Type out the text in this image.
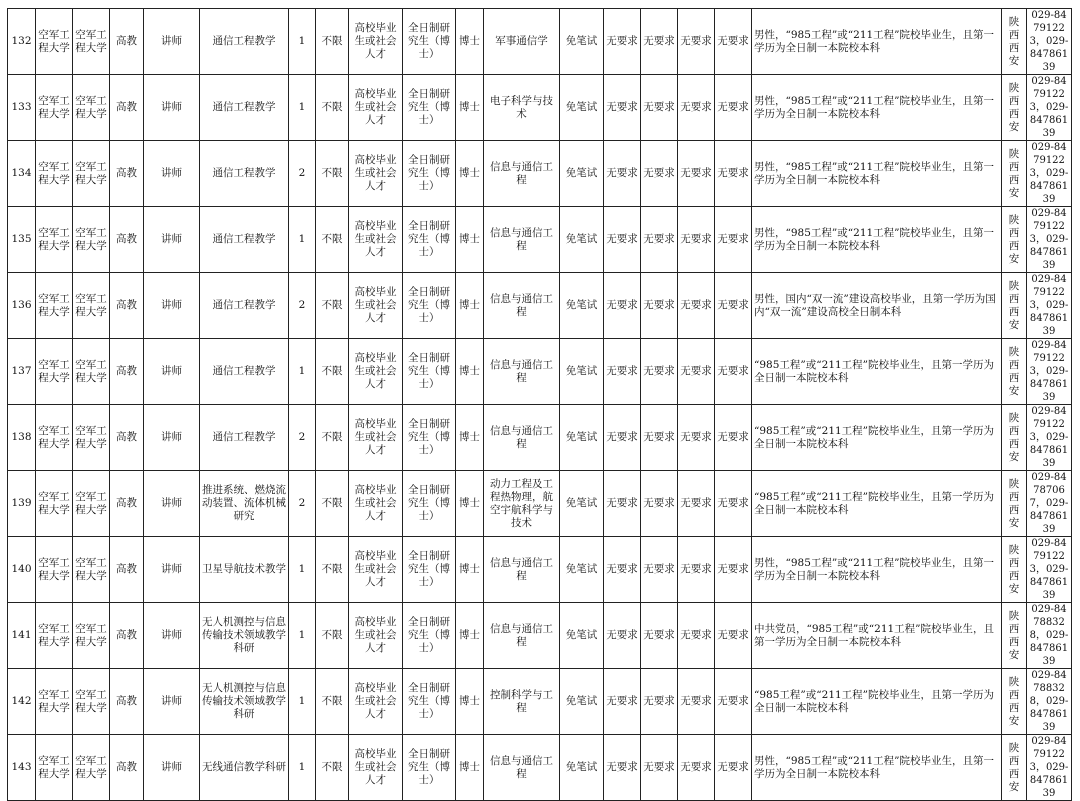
132	空军工程大学	空军工程大学	高教	讲师	通信工程教学	1	不限	高校毕业生或社会人才	全日制研究生（博士）	博士	军事通信学	免笔试	无要求	无要求	无要求	无要求	男性，“985工程”或“211工程”院校毕业生，且第一学历为全日制一本院校本科	陕西西安	029-84791223，029-84786139
133	空军工程大学	空军工程大学	高教	讲师	通信工程教学	1	不限	高校毕业生或社会人才	全日制研究生（博士）	博士	电子科学与技术	免笔试	无要求	无要求	无要求	无要求	男性，“985工程”或“211工程”院校毕业生，且第一学历为全日制一本院校本科	陕西西安	029-84791223，029-84786139
134	空军工程大学	空军工程大学	高教	讲师	通信工程教学	2	不限	高校毕业生或社会人才	全日制研究生（博士）	博士	信息与通信工程	免笔试	无要求	无要求	无要求	无要求	男性，“985工程”或“211工程”院校毕业生，且第一学历为全日制一本院校本科	陕西西安	029-84791223，029-84786139
135	空军工程大学	空军工程大学	高教	讲师	通信工程教学	1	不限	高校毕业生或社会人才	全日制研究生（博士）	博士	信息与通信工程	免笔试	无要求	无要求	无要求	无要求	男性，“985工程”或“211工程”院校毕业生，且第一学历为全日制一本院校本科	陕西西安	029-84791223，029-84786139
136	空军工程大学	空军工程大学	高教	讲师	通信工程教学	2	不限	高校毕业生或社会人才	全日制研究生（博士）	博士	信息与通信工程	免笔试	无要求	无要求	无要求	无要求	男性，国内“双一流”建设高校毕业，且第一学历为国内“双一流”建设高校全日制本科	陕西西安	029-84791223，029-84786139
137	空军工程大学	空军工程大学	高教	讲师	通信工程教学	1	不限	高校毕业生或社会人才	全日制研究生（博士）	博士	信息与通信工程	免笔试	无要求	无要求	无要求	无要求	“985工程”或“211工程”院校毕业生，且第一学历为全日制一本院校本科	陕西西安	029-84791223，029-84786139
138	空军工程大学	空军工程大学	高教	讲师	通信工程教学	2	不限	高校毕业生或社会人才	全日制研究生（博士）	博士	信息与通信工程	免笔试	无要求	无要求	无要求	无要求	“985工程”或“211工程”院校毕业生，且第一学历为全日制一本院校本科	陕西西安	029-84791223，029-84786139
139	空军工程大学	空军工程大学	高教	讲师	推进系统、燃烧流动装置、流体机械研究	2	不限	高校毕业生或社会人才	全日制研究生（博士）	博士	动力工程及工程热物理，航空宇航科学与技术	免笔试	无要求	无要求	无要求	无要求	“985工程”或“211工程”院校毕业生，且第一学历为全日制一本院校本科	陕西西安	029-84787067，029-84786139
140	空军工程大学	空军工程大学	高教	讲师	卫星导航技术教学	1	不限	高校毕业生或社会人才	全日制研究生（博士）	博士	信息与通信工程	免笔试	无要求	无要求	无要求	无要求	男性，“985工程”或“211工程”院校毕业生，且第一学历为全日制一本院校本科	陕西西安	029-84791223，029-84786139
141	空军工程大学	空军工程大学	高教	讲师	无人机测控与信息传输技术领域教学科研	1	不限	高校毕业生或社会人才	全日制研究生（博士）	博士	信息与通信工程	免笔试	无要求	无要求	无要求	无要求	中共党员，“985工程”或“211工程”院校毕业生，且第一学历为全日制一本院校本科	陕西西安	029-84788328，029-84786139
142	空军工程大学	空军工程大学	高教	讲师	无人机测控与信息传输技术领域教学科研	1	不限	高校毕业生或社会人才	全日制研究生（博士）	博士	控制科学与工程	免笔试	无要求	无要求	无要求	无要求	“985工程”或“211工程”院校毕业生，且第一学历为全日制一本院校本科	陕西西安	029-84788328，029-84786139
143	空军工程大学	空军工程大学	高教	讲师	无线通信教学科研	1	不限	高校毕业生或社会人才	全日制研究生（博士）	博士	信息与通信工程	免笔试	无要求	无要求	无要求	无要求	男性，“985工程”或“211工程”院校毕业生，且第一学历为全日制一本院校本科	陕西西安	029-84791223，029-84786139
